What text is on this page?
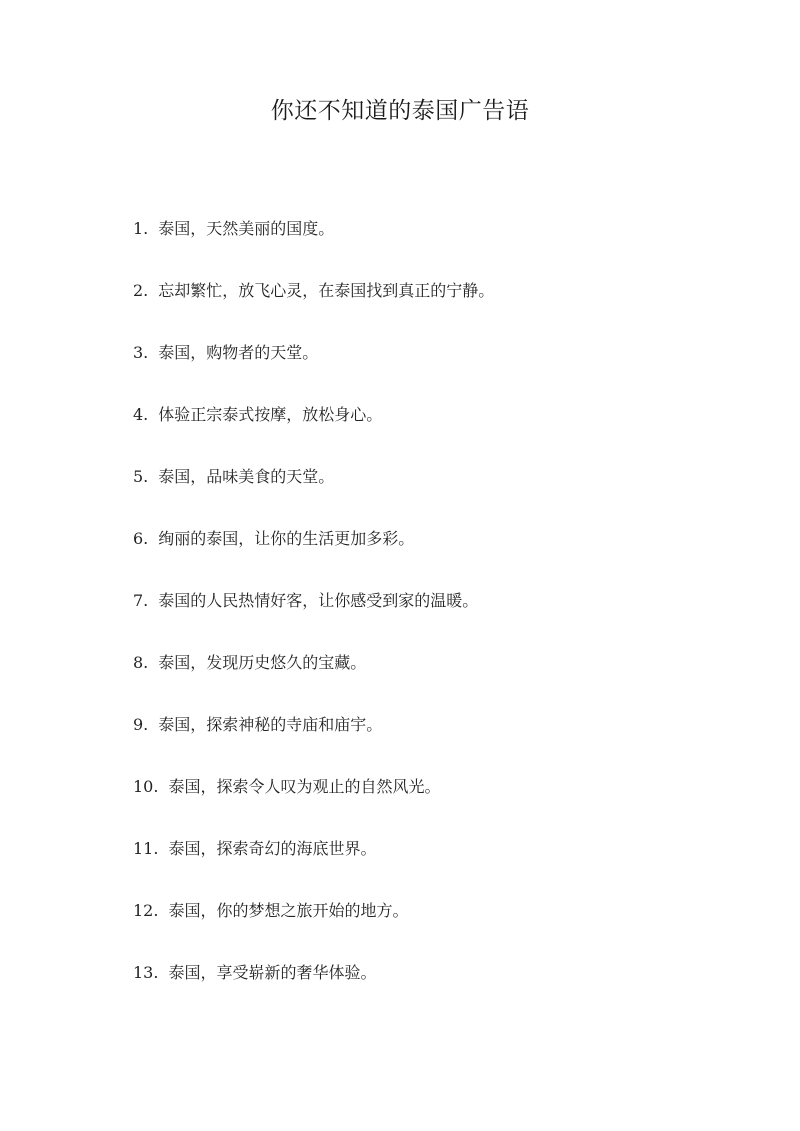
你还不知道的泰国广告语
1. 泰国，天然美丽的国度。
2. 忘却繁忙，放飞心灵，在泰国找到真正的宁静。
3. 泰国，购物者的天堂。
4. 体验正宗泰式按摩，放松身心。
5. 泰国，品味美食的天堂。
6. 绚丽的泰国，让你的生活更加多彩。
7. 泰国的人民热情好客，让你感受到家的温暖。
8. 泰国，发现历史悠久的宝藏。
9. 泰国，探索神秘的寺庙和庙宇。
10. 泰国，探索令人叹为观止的自然风光。
11. 泰国，探索奇幻的海底世界。
12. 泰国，你的梦想之旅开始的地方。
13. 泰国，享受崭新的奢华体验。
